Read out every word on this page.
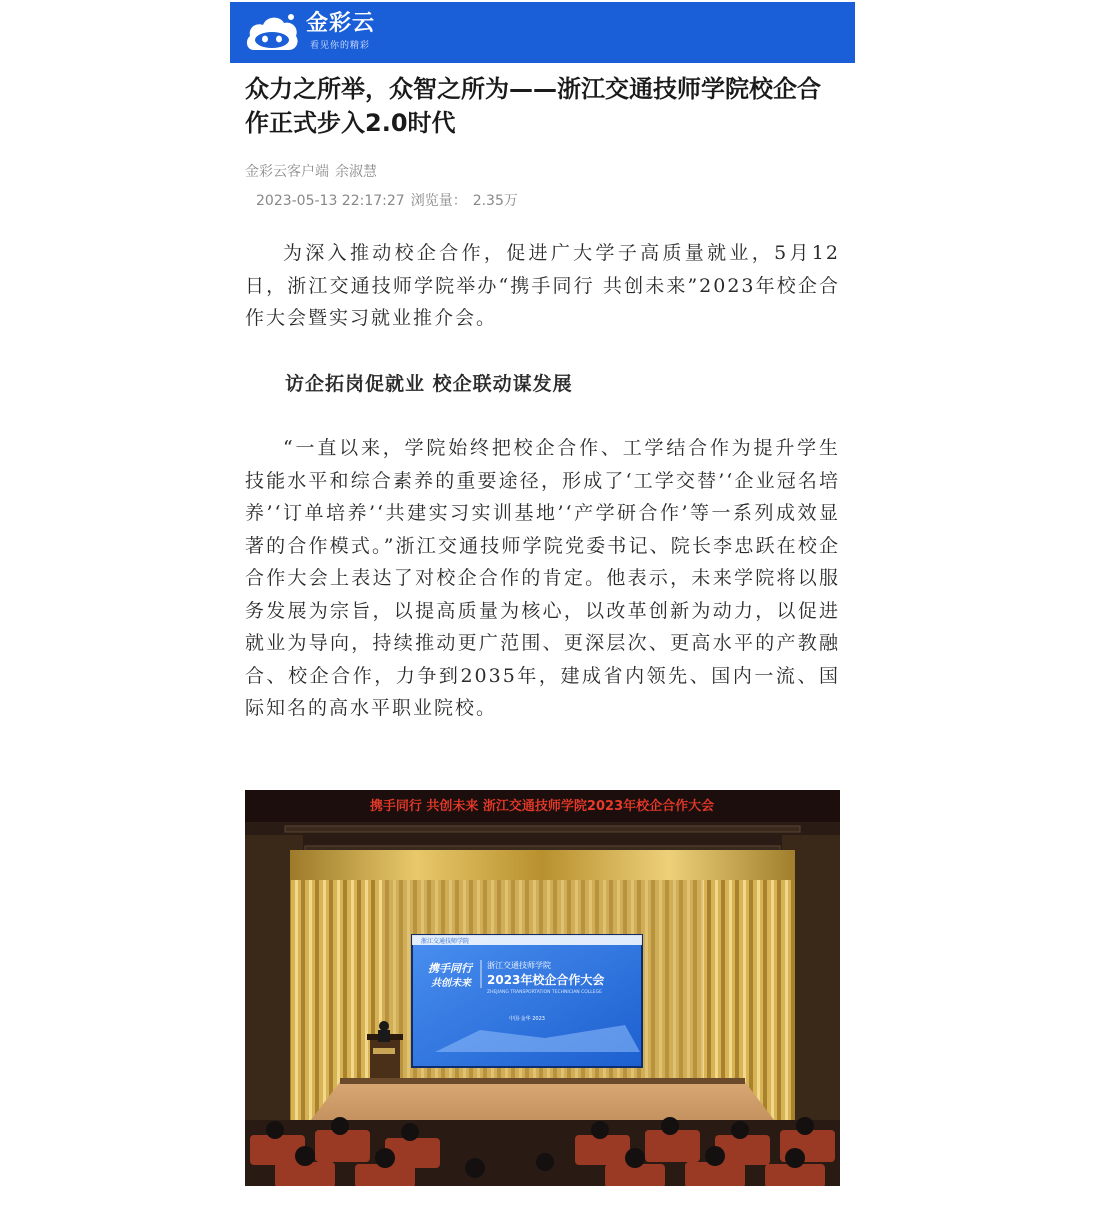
金彩云
看见你的精彩
众力之所举，众智之所为——浙江交通技师学院校企合作正式步入2.0时代
金彩云客户端 余淑慧
2023-05-13 22:17:27 浏览量： 2.35万

为深入推动校企合作，促进广大学子高质量就业，5月12日，浙江交通技师学院举办“携手同行 共创未来”2023年校企合作大会暨实习就业推介会。

访企拓岗促就业 校企联动谋发展

“一直以来，学院始终把校企合作、工学结合作为提升学生技能水平和综合素养的重要途径，形成了‘工学交替’‘企业冠名培养’‘订单培养’‘共建实习实训基地’‘产学研合作’等一系列成效显著的合作模式。”浙江交通技师学院党委书记、院长李忠跃在校企合作大会上表达了对校企合作的肯定。他表示，未来学院将以服务发展为宗旨，以提高质量为核心，以改革创新为动力，以促进就业为导向，持续推动更广范围、更深层次、更高水平的产教融合、校企合作，力争到2035年，建成省内领先、国内一流、国际知名的高水平职业院校。

携手同行 共创未来 浙江交通技师学院2023年校企合作大会
浙江交通技师学院
携手同行
共创未来
浙江交通技师学院
2023年校企合作大会
ZHEJIANG TRANSPORTATION TECHNICIAN COLLEGE
中国·金华 2023
